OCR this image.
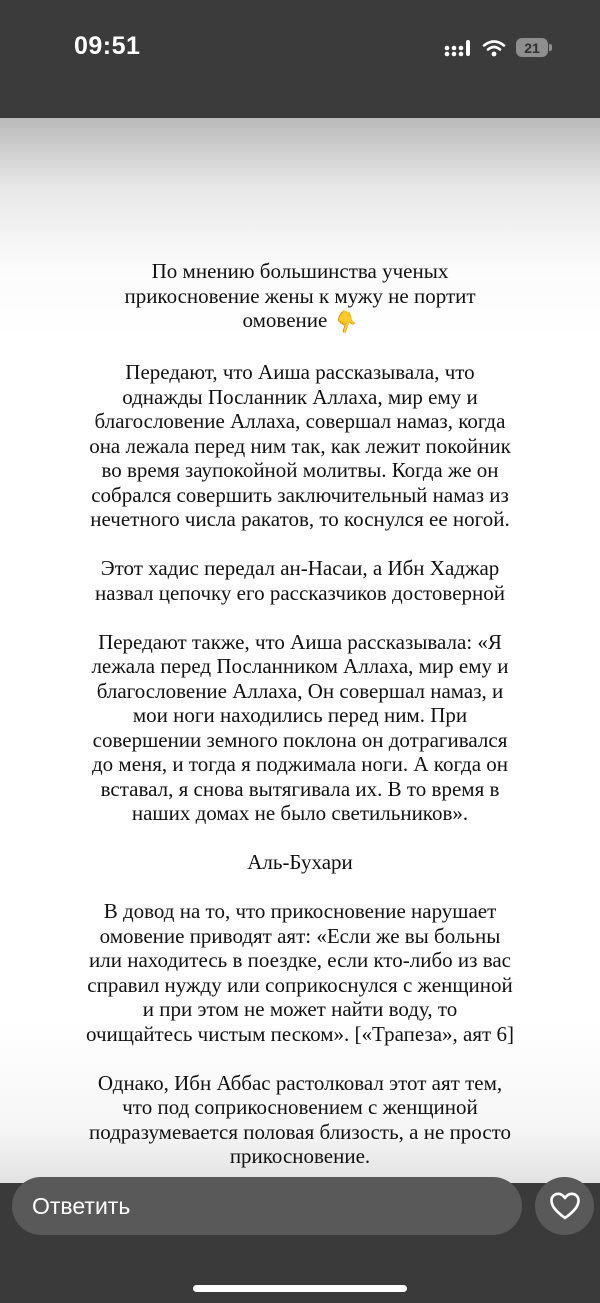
09:51	21

По мнению большинства ученых
прикосновение жены к мужу не портит
омовение 👇

Передают, что Аиша рассказывала, что
однажды Посланник Аллаха, мир ему и
благословение Аллаха, совершал намаз, когда
она лежала перед ним так, как лежит покойник
во время заупокойной молитвы. Когда же он
собрался совершить заключительный намаз из
нечетного числа ракатов, то коснулся ее ногой.

Этот хадис передал ан-Насаи, а Ибн Хаджар
назвал цепочку его рассказчиков достоверной

Передают также, что Аиша рассказывала: «Я
лежала перед Посланником Аллаха, мир ему и
благословение Аллаха, Он совершал намаз, и
мои ноги находились перед ним. При
совершении земного поклона он дотрагивался
до меня, и тогда я поджимала ноги. А когда он
вставал, я снова вытягивала их. В то время в
наших домах не было светильников».

Аль-Бухари

В довод на то, что прикосновение нарушает
омовение приводят аят: «Если же вы больны
или находитесь в поездке, если кто-либо из вас
справил нужду или соприкоснулся с женщиной
и при этом не может найти воду, то
очищайтесь чистым песком». [«Трапеза», аят 6]

Однако, Ибн Аббас растолковал этот аят тем,
что под соприкосновением с женщиной
подразумевается половая близость, а не просто
прикосновение.

Ответить
